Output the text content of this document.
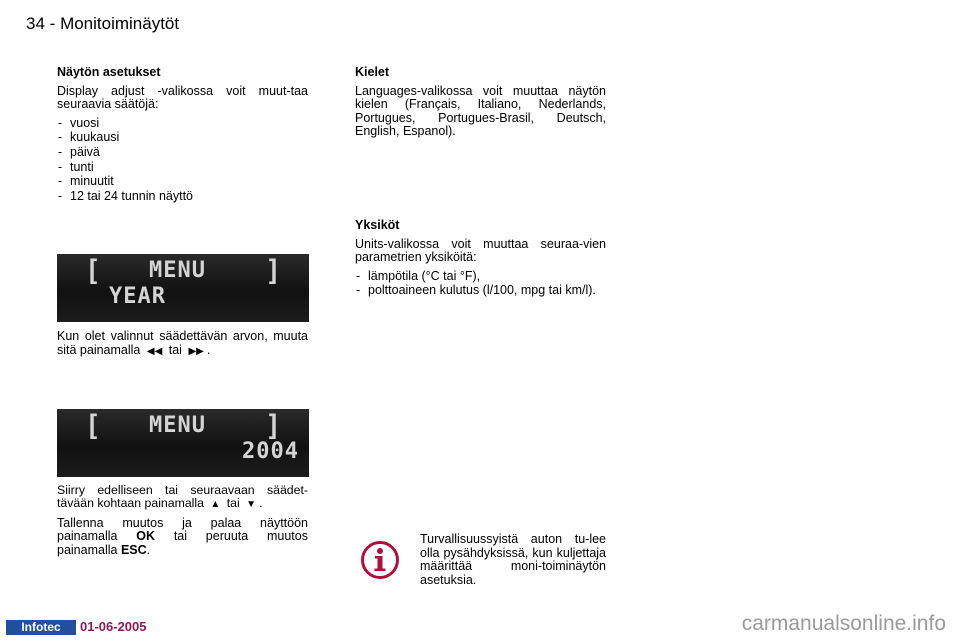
34 - Monitoiminäytöt
Näytön asetukset
Display adjust -valikossa voit muut-taa seuraavia säätöjä:
- vuosi
- kuukausi
- päivä
- tunti
- minuutit
- 12 tai 24 tunnin näyttö
[ MENU ]
YEAR
Kun olet valinnut säädettävän arvon, muuta sitä painamalla ◀◀ tai ▶▶ .
[ MENU ]
2004
Siirry edelliseen tai seuraavaan säädet-tävään kohtaan painamalla ▲ tai ▼ .
Tallenna muutos ja palaa näyttöön painamalla OK tai peruuta muutos painamalla ESC.
Kielet
Languages-valikossa voit muuttaa näytön kielen (Français, Italiano, Nederlands, Portugues, Portugues-Brasil, Deutsch, English, Espanol).
Yksiköt
Units-valikossa voit muuttaa seuraa-vien parametrien yksiköitä:
- lämpötila (°C tai °F),
- polttoaineen kulutus (l/100, mpg tai km/l).
Turvallisuussyistä auton tu-lee olla pysähdyksissä, kun kuljettaja määrittää moni-toiminäytön asetuksia.
Infotec	01-06-2005	carmanualsonline.info
